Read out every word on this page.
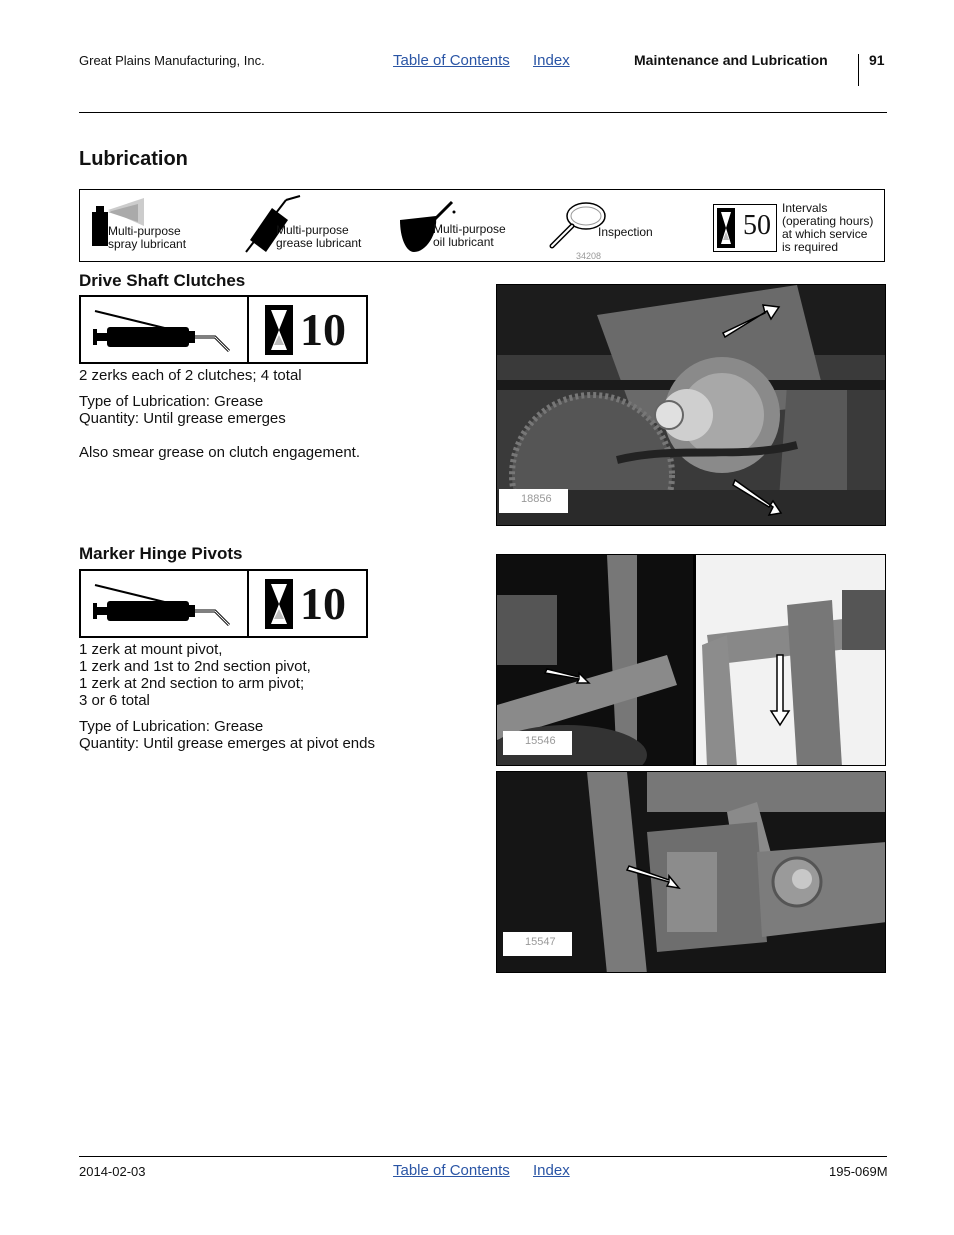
Great Plains Manufacturing, Inc.	Table of Contents Index	Maintenance and Lubrication	91
Lubrication
Multi-purpose
spray lubricant
Multi-purpose
grease lubricant
Multi-purpose
oil lubricant
Inspection
34208
50
Intervals
(operating hours)
at which service
is required
Drive Shaft Clutches
10
2 zerks each of 2 clutches; 4 total
Type of Lubrication: Grease
Quantity: Until grease emerges
Also smear grease on clutch engagement.
18856
Marker Hinge Pivots
10
1 zerk at mount pivot,
1 zerk and 1st to 2nd section pivot,
1 zerk at 2nd section to arm pivot;
3 or 6 total
Type of Lubrication: Grease
Quantity: Until grease emerges at pivot ends	15546
15547
2014-02-03	Table of Contents Index	195-069M
